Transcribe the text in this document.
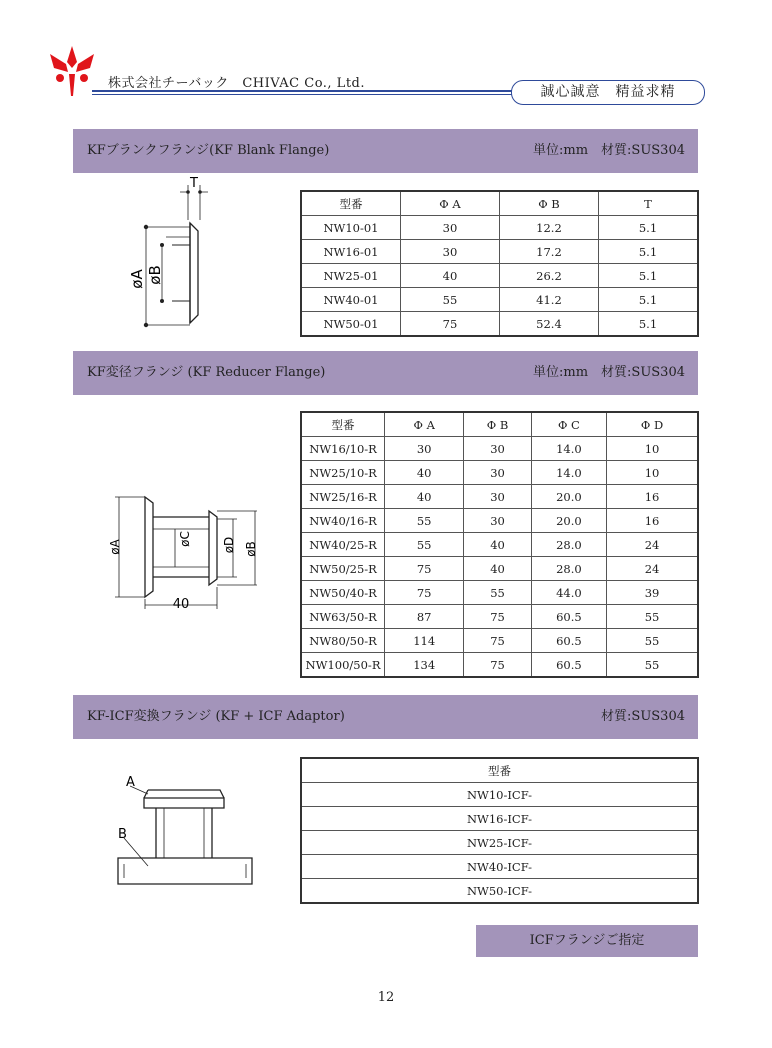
株式会社チーバック　CHIVAC Co., Ltd.
誠心誠意　精益求精
KFブランクフランジ(KF Blank Flange)	単位:mm　材質:SUS304
T
øA øB
型番	Φ A	Φ B	T
NW10-01	30	12.2	5.1
NW16-01	30	17.2	5.1
NW25-01	40	26.2	5.1
NW40-01	55	41.2	5.1
NW50-01	75	52.4	5.1
KF変径フランジ (KF Reducer Flange)	単位:mm　材質:SUS304
øA	øB
øC	øD
40
型番	Φ A	Φ B	Φ C	Φ D
NW16/10-R	30	30	14.0	10
NW25/10-R	40	30	14.0	10
NW25/16-R	40	30	20.0	16
NW40/16-R	55	30	20.0	16
NW40/25-R	55	40	28.0	24
NW50/25-R	75	40	28.0	24
NW50/40-R	75	55	44.0	39
NW63/50-R	87	75	60.5	55
NW80/50-R	114	75	60.5	55
NW100/50-R	134	75	60.5	55
KF-ICF変換フランジ (KF + ICF Adaptor)	材質:SUS304
A
B
型番
NW10-ICF-
NW16-ICF-
NW25-ICF-
NW40-ICF-
NW50-ICF-
ICFフランジご指定
12
